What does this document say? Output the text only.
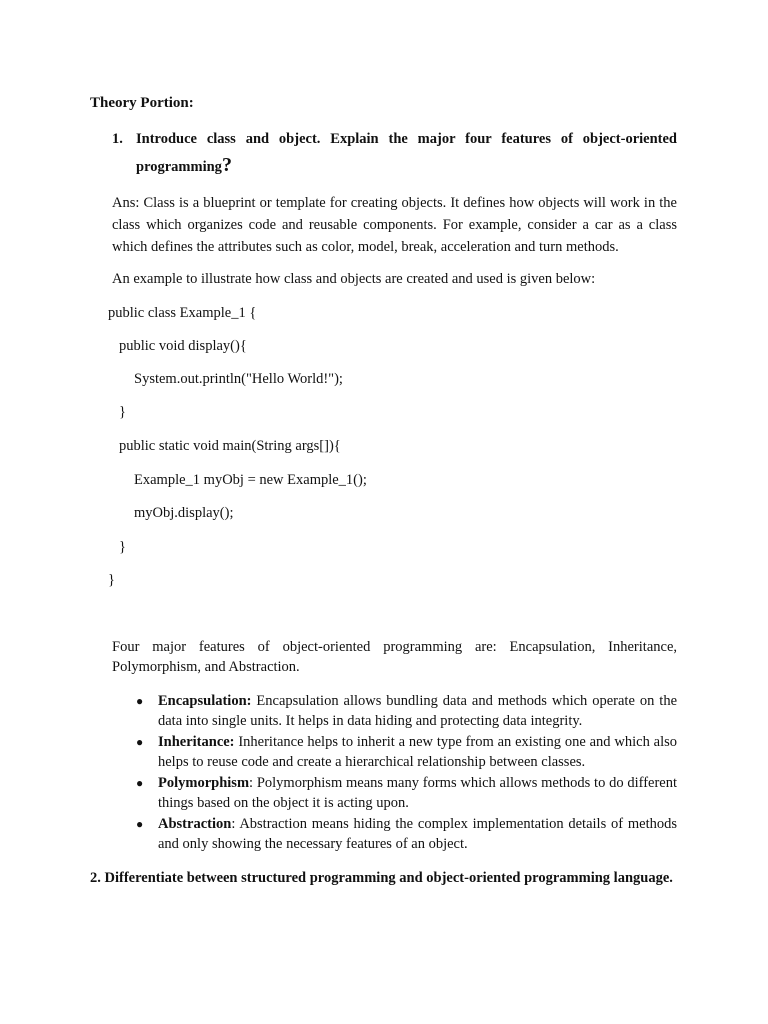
Theory Portion:
1. Introduce class and object. Explain the major four features of object-oriented programming?
Ans: Class is a blueprint or template for creating objects. It defines how objects will work in the class which organizes code and reusable components. For example, consider a car as a class which defines the attributes such as color, model, break, acceleration and turn methods.
An example to illustrate how class and objects are created and used is given below:
public class Example_1 {
public void display(){
System.out.println("Hello World!");
}
public static void main(String args[]){
Example_1 myObj = new Example_1();
myObj.display();
}
}
Four major features of object-oriented programming are: Encapsulation, Inheritance, Polymorphism, and Abstraction.
● Encapsulation: Encapsulation allows bundling data and methods which operate on the data into single units. It helps in data hiding and protecting data integrity.
● Inheritance: Inheritance helps to inherit a new type from an existing one and which also helps to reuse code and create a hierarchical relationship between classes.
● Polymorphism: Polymorphism means many forms which allows methods to do different things based on the object it is acting upon.
● Abstraction: Abstraction means hiding the complex implementation details of methods and only showing the necessary features of an object.
2. Differentiate between structured programming and object-oriented programming language.
